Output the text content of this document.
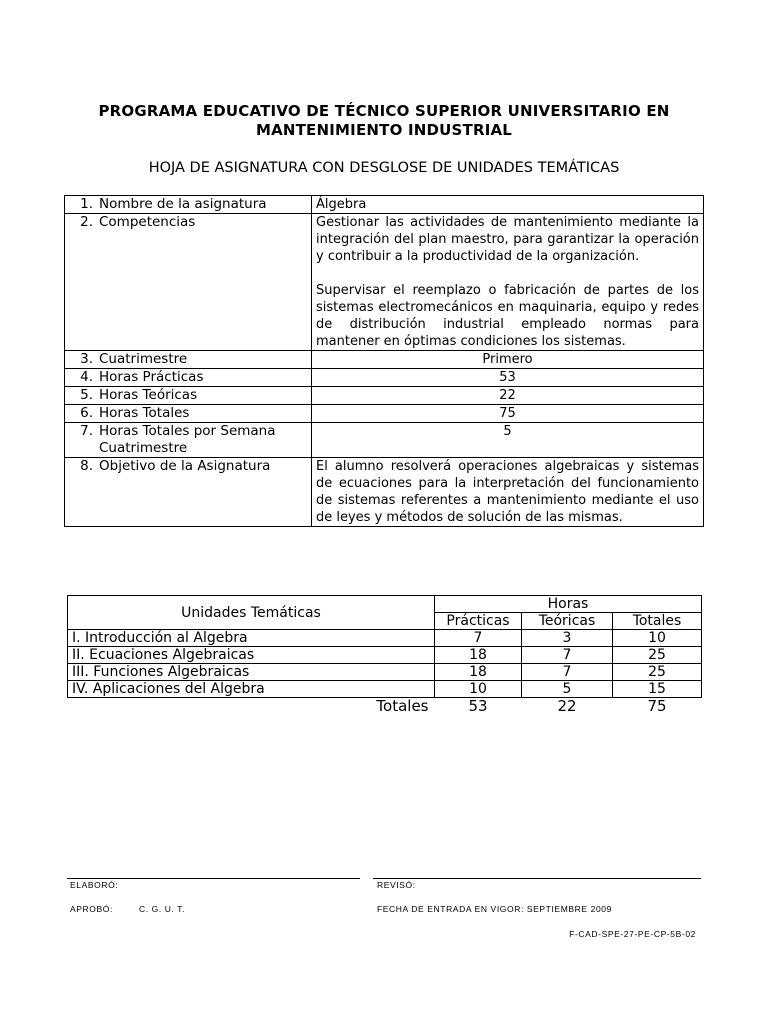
PROGRAMA EDUCATIVO DE TÉCNICO SUPERIOR UNIVERSITARIO EN
MANTENIMIENTO INDUSTRIAL
HOJA DE ASIGNATURA CON DESGLOSE DE UNIDADES TEMÁTICAS
1. Nombre de la asignatura	Álgebra
2. Competencias	Gestionar las actividades de mantenimiento mediante la integración del plan maestro, para garantizar la operación y contribuir a la productividad de la organización.
Supervisar el reemplazo o fabricación de partes de los sistemas electromecánicos en maquinaria, equipo y redes de distribución industrial empleado normas para mantener en óptimas condiciones los sistemas.

3. Cuatrimestre	Primero
4. Horas Prácticas	53
5. Horas Teóricas	22
6. Horas Totales	75
7. Horas Totales por Semana
Cuatrimestre	5
8. Objetivo de la Asignatura	El alumno resolverá operaciones algebraicas y sistemas de ecuaciones para la interpretación del funcionamiento de sistemas referentes a mantenimiento mediante el uso de leyes y métodos de solución de las mismas.
Unidades Temáticas	Horas		
	Prácticas	Teóricas	Totales
I. Introducción al Algebra	7	3	10
II. Ecuaciones Algebraicas	18	7	25
III. Funciones Algebraicas	18	7	25
IV. Aplicaciones del Algebra	10	5	15
Totales	53	22	75
ELABORÓ:	REVISÓ:
APROBÓ:	C. G. U. T.	FECHA DE ENTRADA EN VIGOR: SEPTIEMBRE 2009
F-CAD-SPE-27-PE-CP-5B-02
